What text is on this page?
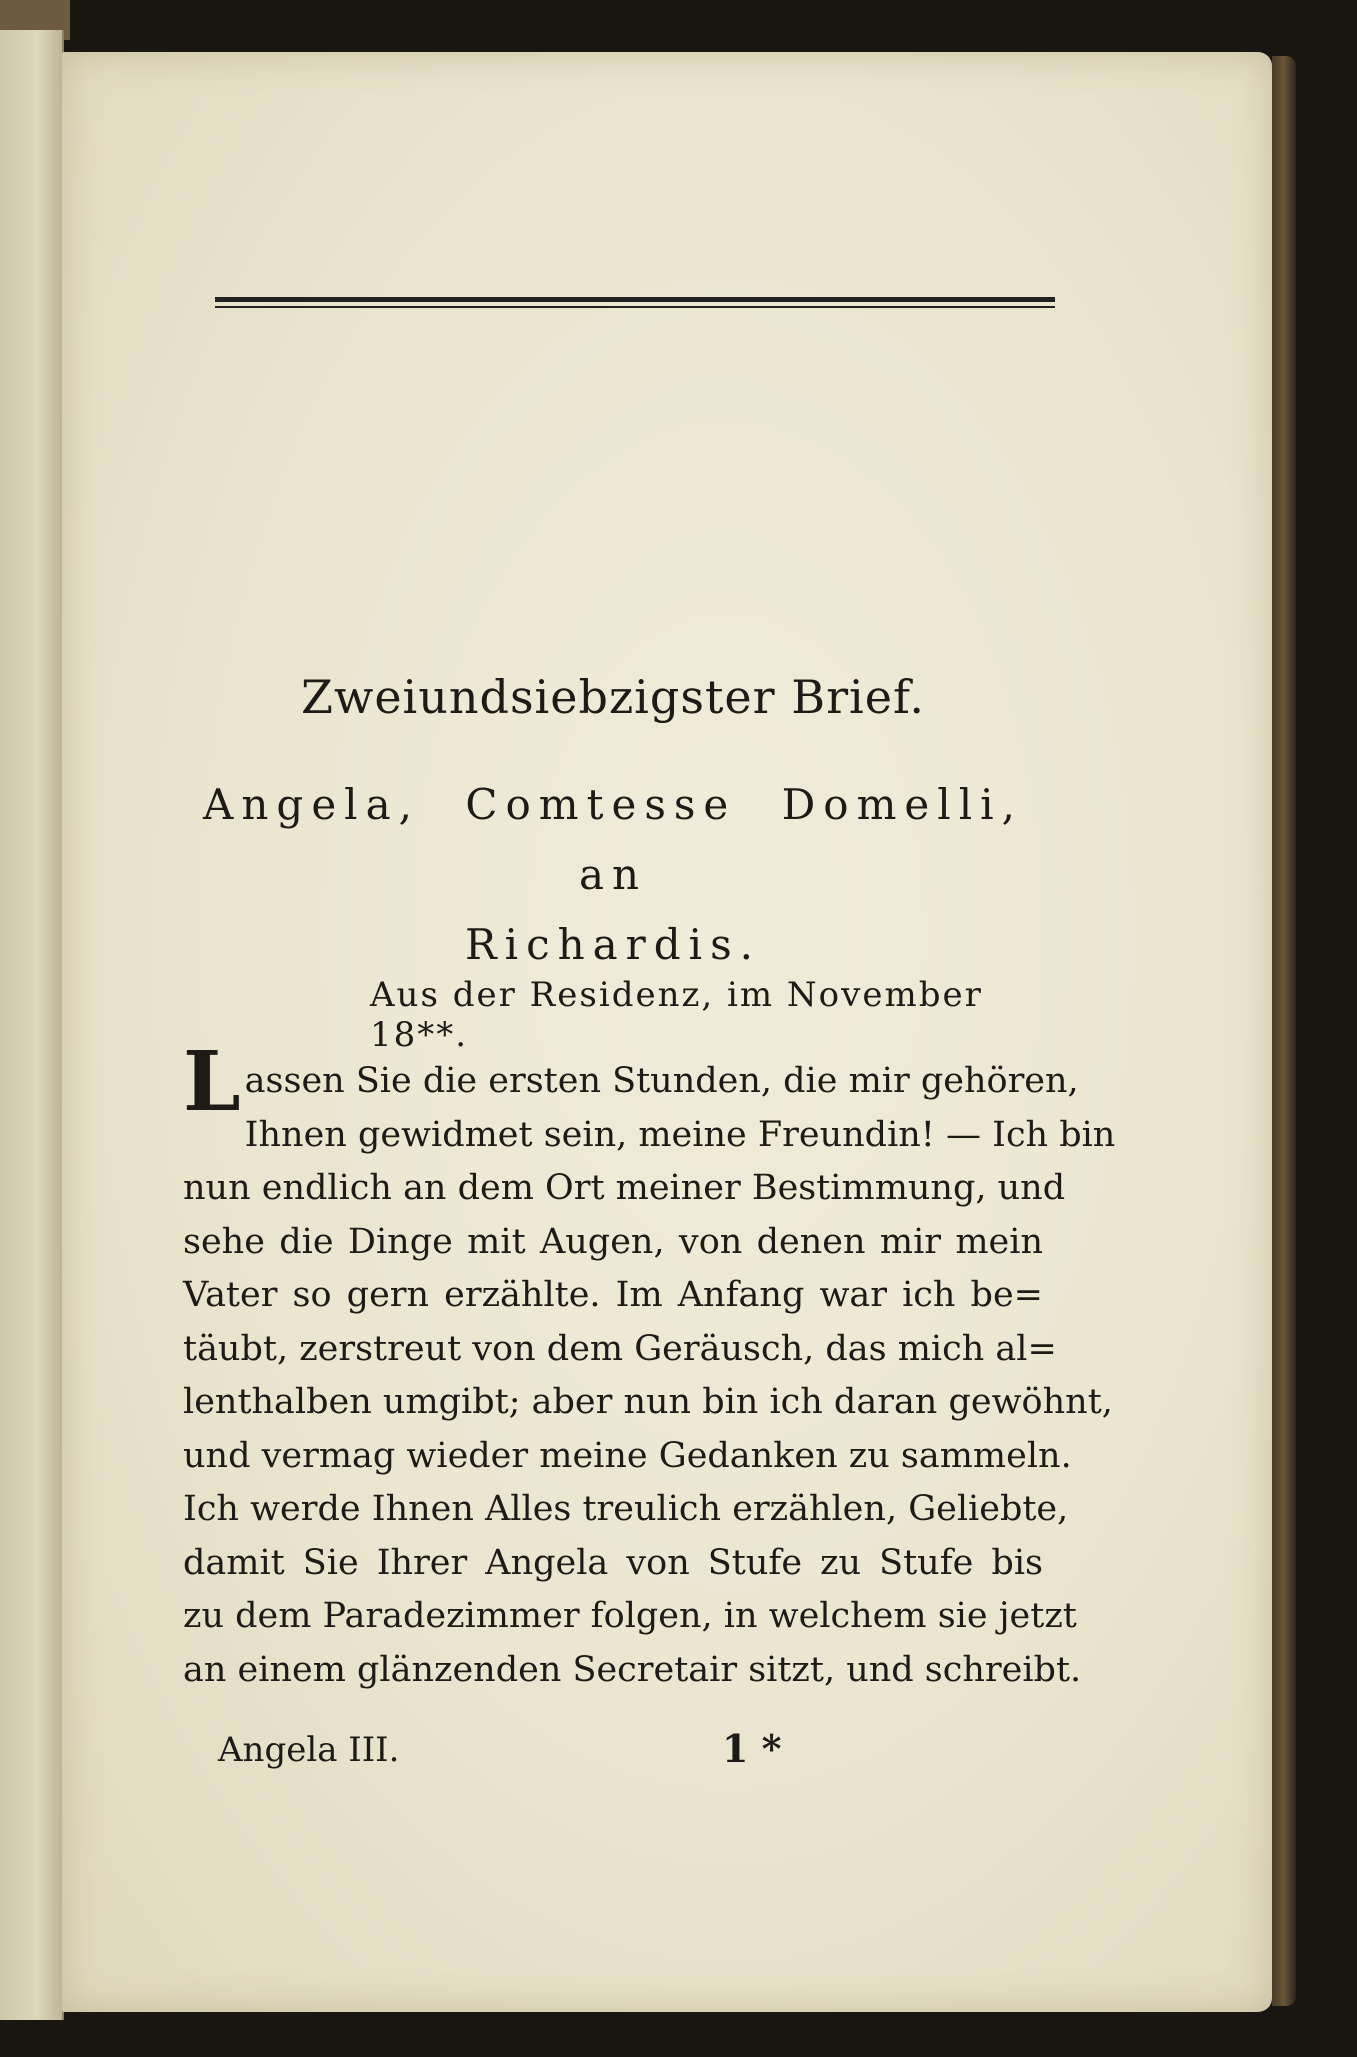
Zweiundsiebzigster Brief.
Angela, Comtesse Domelli, an
Richardis.
Aus der Residenz, im November 18**.
L assen Sie die ersten Stunden, die mir gehören,
Ihnen gewidmet sein, meine Freundin! — Ich bin
nun endlich an dem Ort meiner Bestimmung, und
sehe die Dinge mit Augen, von denen mir mein
Vater so gern erzählte. Im Anfang war ich be=
täubt, zerstreut von dem Geräusch, das mich al=
lenthalben umgibt; aber nun bin ich daran gewöhnt,
und vermag wieder meine Gedanken zu sammeln.
Ich werde Ihnen Alles treulich erzählen, Geliebte,
damit Sie Ihrer Angela von Stufe zu Stufe bis
zu dem Paradezimmer folgen, in welchem sie jetzt
an einem glänzenden Secretair sitzt, und schreibt.
Angela III.	1 *
